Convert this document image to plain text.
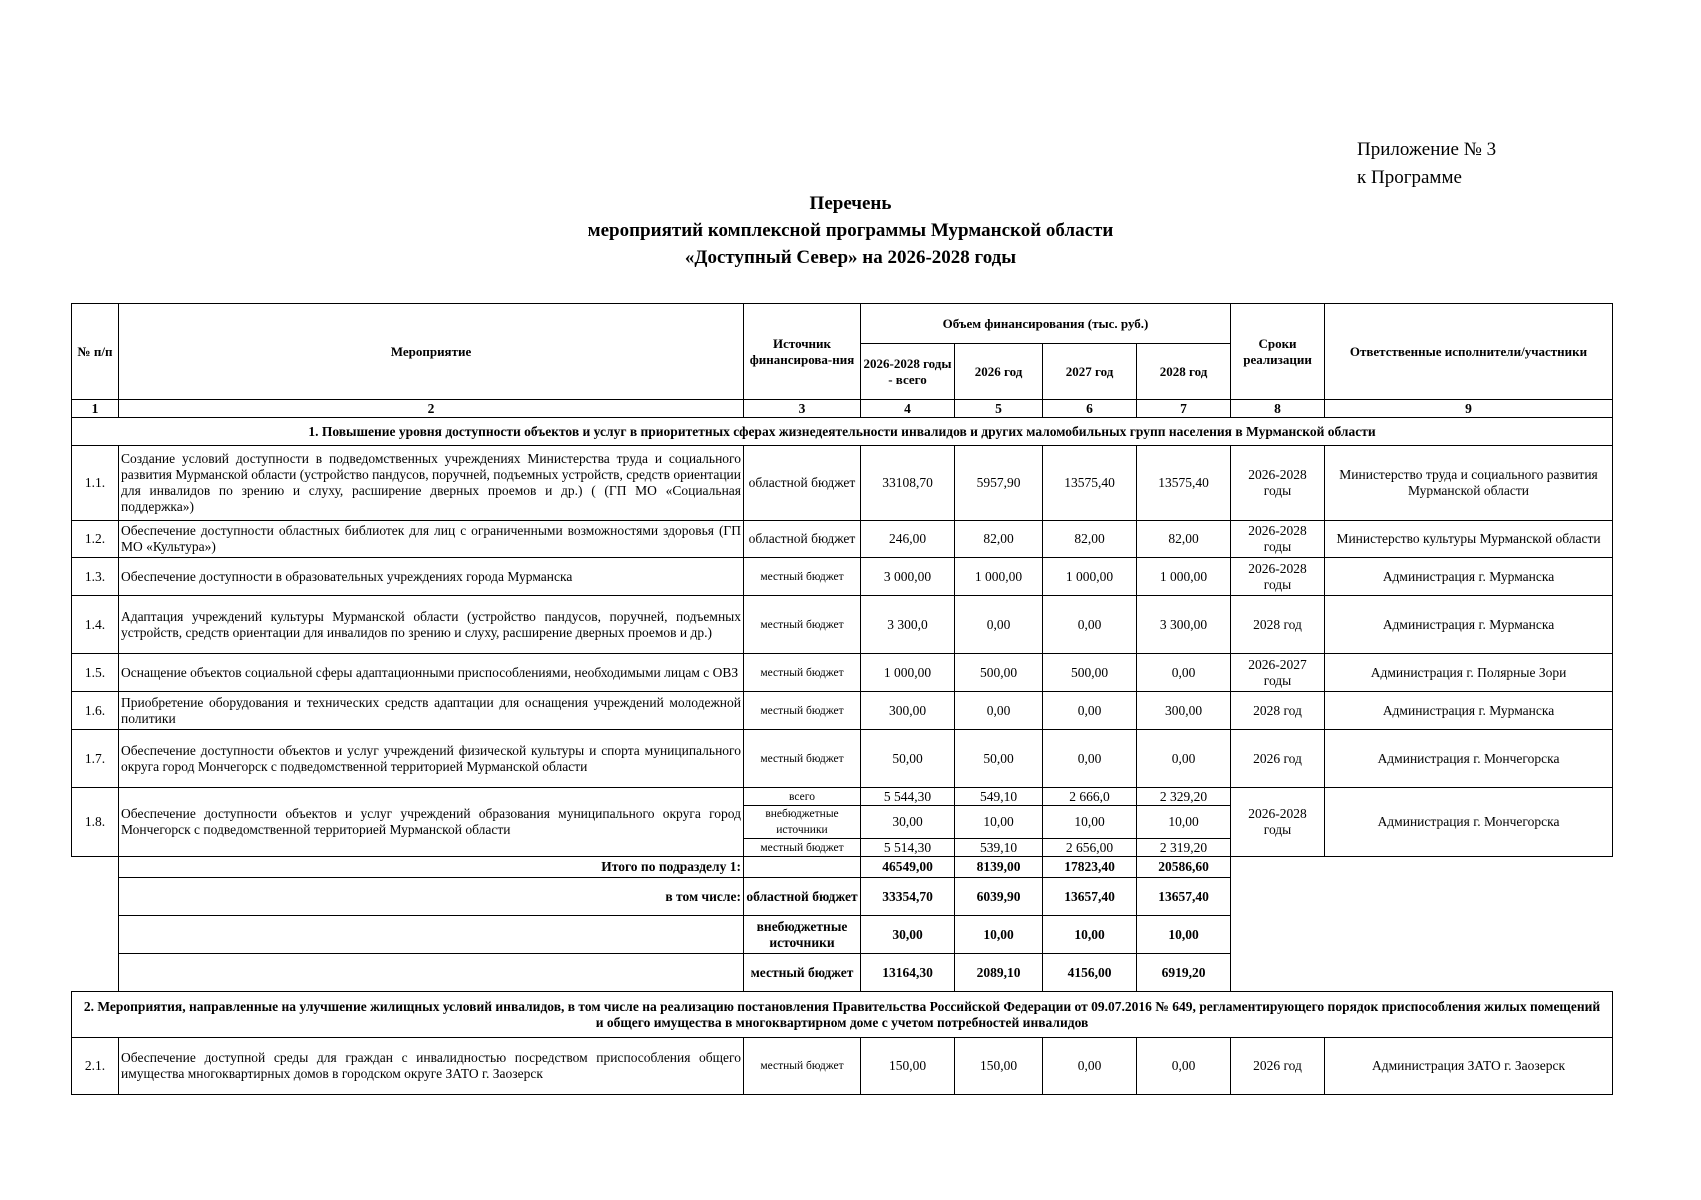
Приложение № 3
к Программе
Перечень
мероприятий комплексной программы Мурманской области
«Доступный Север» на 2026-2028 годы
№ п/п	Мероприятие	Источник финансирова-ния	Объем финансирования (тыс. руб.)				Сроки реализации	Ответственные исполнители/участники
			2026-2028 годы - всего	2026 год	2027 год	2028 год		
1	2	3	4	5	6	7	8	9
1. Повышение уровня доступности объектов и услуг в приоритетных сферах жизнедеятельности инвалидов и других маломобильных групп населения в Мурманской области								
1.1.	Создание условий доступности в подведомственных учреждениях Министерства труда и социального развития Мурманской области (устройство пандусов, поручней, подъемных устройств, средств ориентации для инвалидов по зрению и слуху, расширение дверных проемов и др.) ( (ГП МО «Социальная поддержка»)	областной бюджет	33108,70	5957,90	13575,40	13575,40	2026-2028 годы	Министерство труда и социального развития Мурманской области
1.2.	Обеспечение доступности областных библиотек для лиц с ограниченными возможностями здоровья (ГП МО «Культура»)	областной бюджет	246,00	82,00	82,00	82,00	2026-2028 годы	Министерство культуры Мурманской области
1.3.	Обеспечение доступности в образовательных учреждениях города Мурманска	местный бюджет	3 000,00	1 000,00	1 000,00	1 000,00	2026-2028 годы	Администрация г. Мурманска
1.4.	Адаптация учреждений культуры Мурманской области (устройство пандусов, поручней, подъемных устройств, средств ориентации для инвалидов по зрению и слуху, расширение дверных проемов и др.)	местный бюджет	3 300,0	0,00	0,00	3 300,00	2028 год	Администрация г. Мурманска
1.5.	Оснащение объектов социальной сферы адаптационными приспособлениями, необходимыми лицам с ОВЗ	местный бюджет	1 000,00	500,00	500,00	0,00	2026-2027 годы	Администрация г. Полярные Зори
1.6.	Приобретение оборудования и технических средств адаптации для оснащения учреждений молодежной политики	местный бюджет	300,00	0,00	0,00	300,00	2028 год	Администрация г. Мурманска
1.7.	Обеспечение доступности объектов и услуг учреждений физической культуры и спорта муниципального округа город Мончегорск с подведомственной территорией Мурманской области	местный бюджет	50,00	50,00	0,00	0,00	2026 год	Администрация г. Мончегорска
1.8.	Обеспечение доступности объектов и услуг учреждений образования муниципального округа город Мончегорск с подведомственной территорией Мурманской области	всего	5 544,30	549,10	2 666,0	2 329,20	2026-2028 годы	Администрация г. Мончегорска
		внебюджетные источники	30,00	10,00	10,00	10,00		
		местный бюджет	5 514,30	539,10	2 656,00	2 319,20		
	Итого по подразделу 1:		46549,00	8139,00	17823,40	20586,60		
	в том числе:	областной бюджет	33354,70	6039,90	13657,40	13657,40		
		внебюджетные источники	30,00	10,00	10,00	10,00		
		местный бюджет	13164,30	2089,10	4156,00	6919,20		
2. Мероприятия, направленные на улучшение жилищных условий инвалидов, в том числе на реализацию постановления Правительства Российской Федерации от 09.07.2016 № 649, регламентирующего порядок приспособления жилых помещений и общего имущества в многоквартирном доме с учетом потребностей инвалидов								
2.1.	Обеспечение доступной среды для граждан с инвалидностью посредством приспособления общего имущества многоквартирных домов в городском округе ЗАТО г. Заозерск	местный бюджет	150,00	150,00	0,00	0,00	2026 год	Администрация ЗАТО г. Заозерск
